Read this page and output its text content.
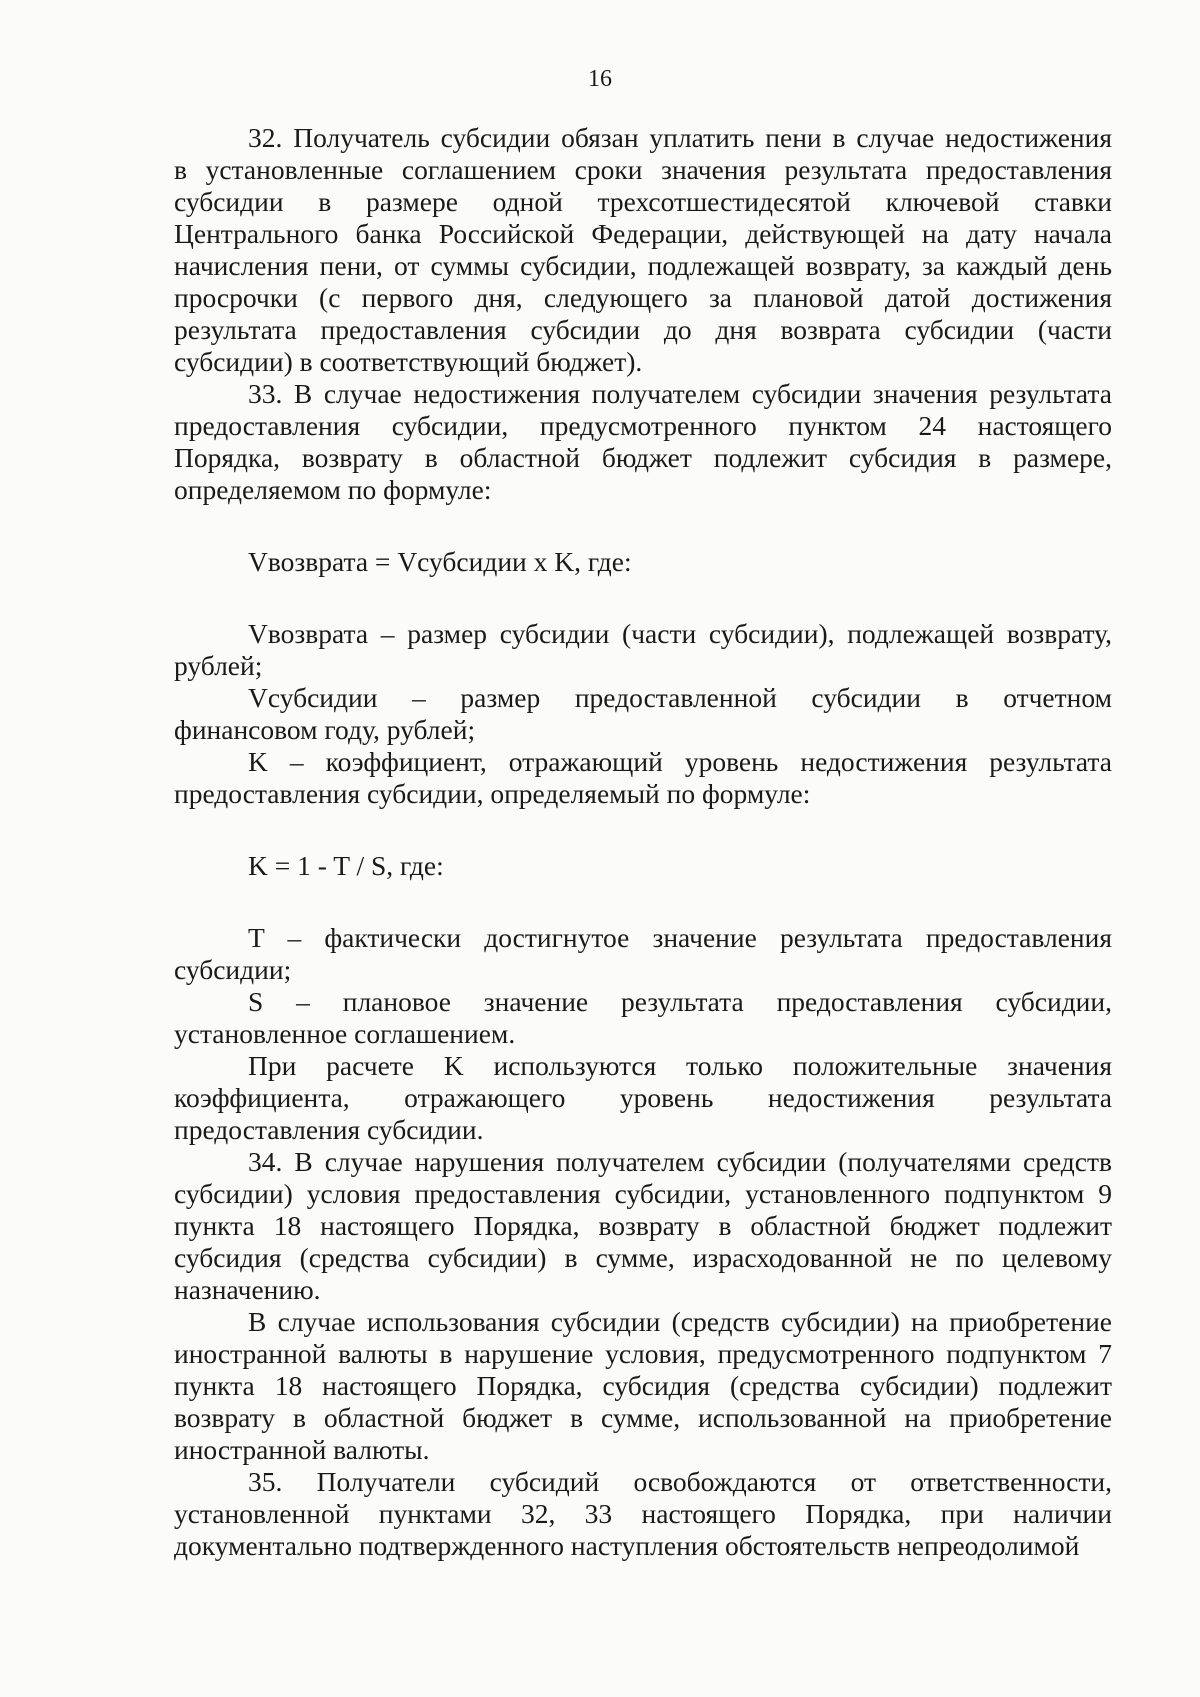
16
32. Получатель субсидии обязан уплатить пени в случае недостижения
в установленные соглашением сроки значения результата предоставления
субсидии в размере одной трехсотшестидесятой ключевой ставки
Центрального банка Российской Федерации, действующей на дату начала
начисления пени, от суммы субсидии, подлежащей возврату, за каждый день
просрочки (с первого дня, следующего за плановой датой достижения
результата предоставления субсидии до дня возврата субсидии (части
субсидии) в соответствующий бюджет).
33. В случае недостижения получателем субсидии значения результата
предоставления субсидии, предусмотренного пунктом 24 настоящего
Порядка, возврату в областной бюджет подлежит субсидия в размере,
определяемом по формуле:
Vвозврата = Vсубсидии x K, где:
Vвозврата – размер субсидии (части субсидии), подлежащей возврату,
рублей;
Vсубсидии – размер предоставленной субсидии в отчетном
финансовом году, рублей;
K – коэффициент, отражающий уровень недостижения результата
предоставления субсидии, определяемый по формуле:
K = 1 - T / S, где:
T – фактически достигнутое значение результата предоставления
субсидии;
S – плановое значение результата предоставления субсидии,
установленное соглашением.
При расчете K используются только положительные значения
коэффициента, отражающего уровень недостижения результата
предоставления субсидии.
34. В случае нарушения получателем субсидии (получателями средств
субсидии) условия предоставления субсидии, установленного подпунктом 9
пункта 18 настоящего Порядка, возврату в областной бюджет подлежит
субсидия (средства субсидии) в сумме, израсходованной не по целевому
назначению.
В случае использования субсидии (средств субсидии) на приобретение
иностранной валюты в нарушение условия, предусмотренного подпунктом 7
пункта 18 настоящего Порядка, субсидия (средства субсидии) подлежит
возврату в областной бюджет в сумме, использованной на приобретение
иностранной валюты.
35. Получатели субсидий освобождаются от ответственности,
установленной пунктами 32, 33 настоящего Порядка, при наличии
документально подтвержденного наступления обстоятельств непреодолимой
